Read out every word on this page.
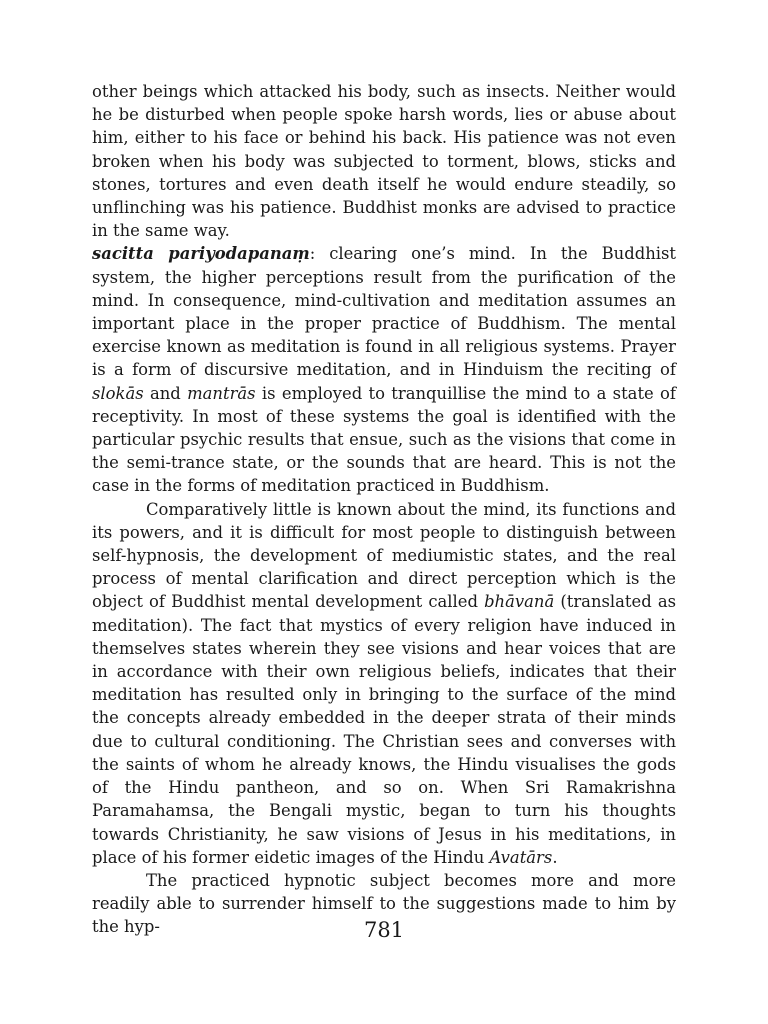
other beings which attacked his body, such as insects. Neither would he be disturbed when people spoke harsh words, lies or abuse about him, either to his face or behind his back. His patience was not even broken when his body was subjected to torment, blows, sticks and stones, tortures and even death itself he would endure steadily, so unflinching was his patience. Buddhist monks are advised to practice in the same way.

sacitta pariyodapanaṃ: clearing one’s mind. In the Buddhist system, the higher perceptions result from the purification of the mind. In consequence, mind-cultivation and meditation assumes an important place in the proper practice of Buddhism. The mental exercise known as meditation is found in all religious systems. Prayer is a form of discursive meditation, and in Hinduism the reciting of slokās and mantrās is employed to tranquillise the mind to a state of receptivity. In most of these systems the goal is identified with the particular psychic results that ensue, such as the visions that come in the semi-trance state, or the sounds that are heard. This is not the case in the forms of meditation practiced in Buddhism.

Comparatively little is known about the mind, its functions and its powers, and it is difficult for most people to distinguish between self-hypnosis, the development of mediumistic states, and the real process of mental clarification and direct perception which is the object of Buddhist mental development called bhāvanā (translated as meditation). The fact that mystics of every religion have induced in themselves states wherein they see visions and hear voices that are in accordance with their own religious beliefs, indicates that their meditation has resulted only in bringing to the surface of the mind the concepts already embedded in the deeper strata of their minds due to cultural conditioning. The Christian sees and converses with the saints of whom he already knows, the Hindu visualises the gods of the Hindu pantheon, and so on. When Sri Ramakrishna Paramahamsa, the Bengali mystic, began to turn his thoughts towards Christianity, he saw visions of Jesus in his meditations, in place of his former eidetic images of the Hindu Avatārs.

The practiced hypnotic subject becomes more and more readily able to surrender himself to the suggestions made to him by the hyp-	781
